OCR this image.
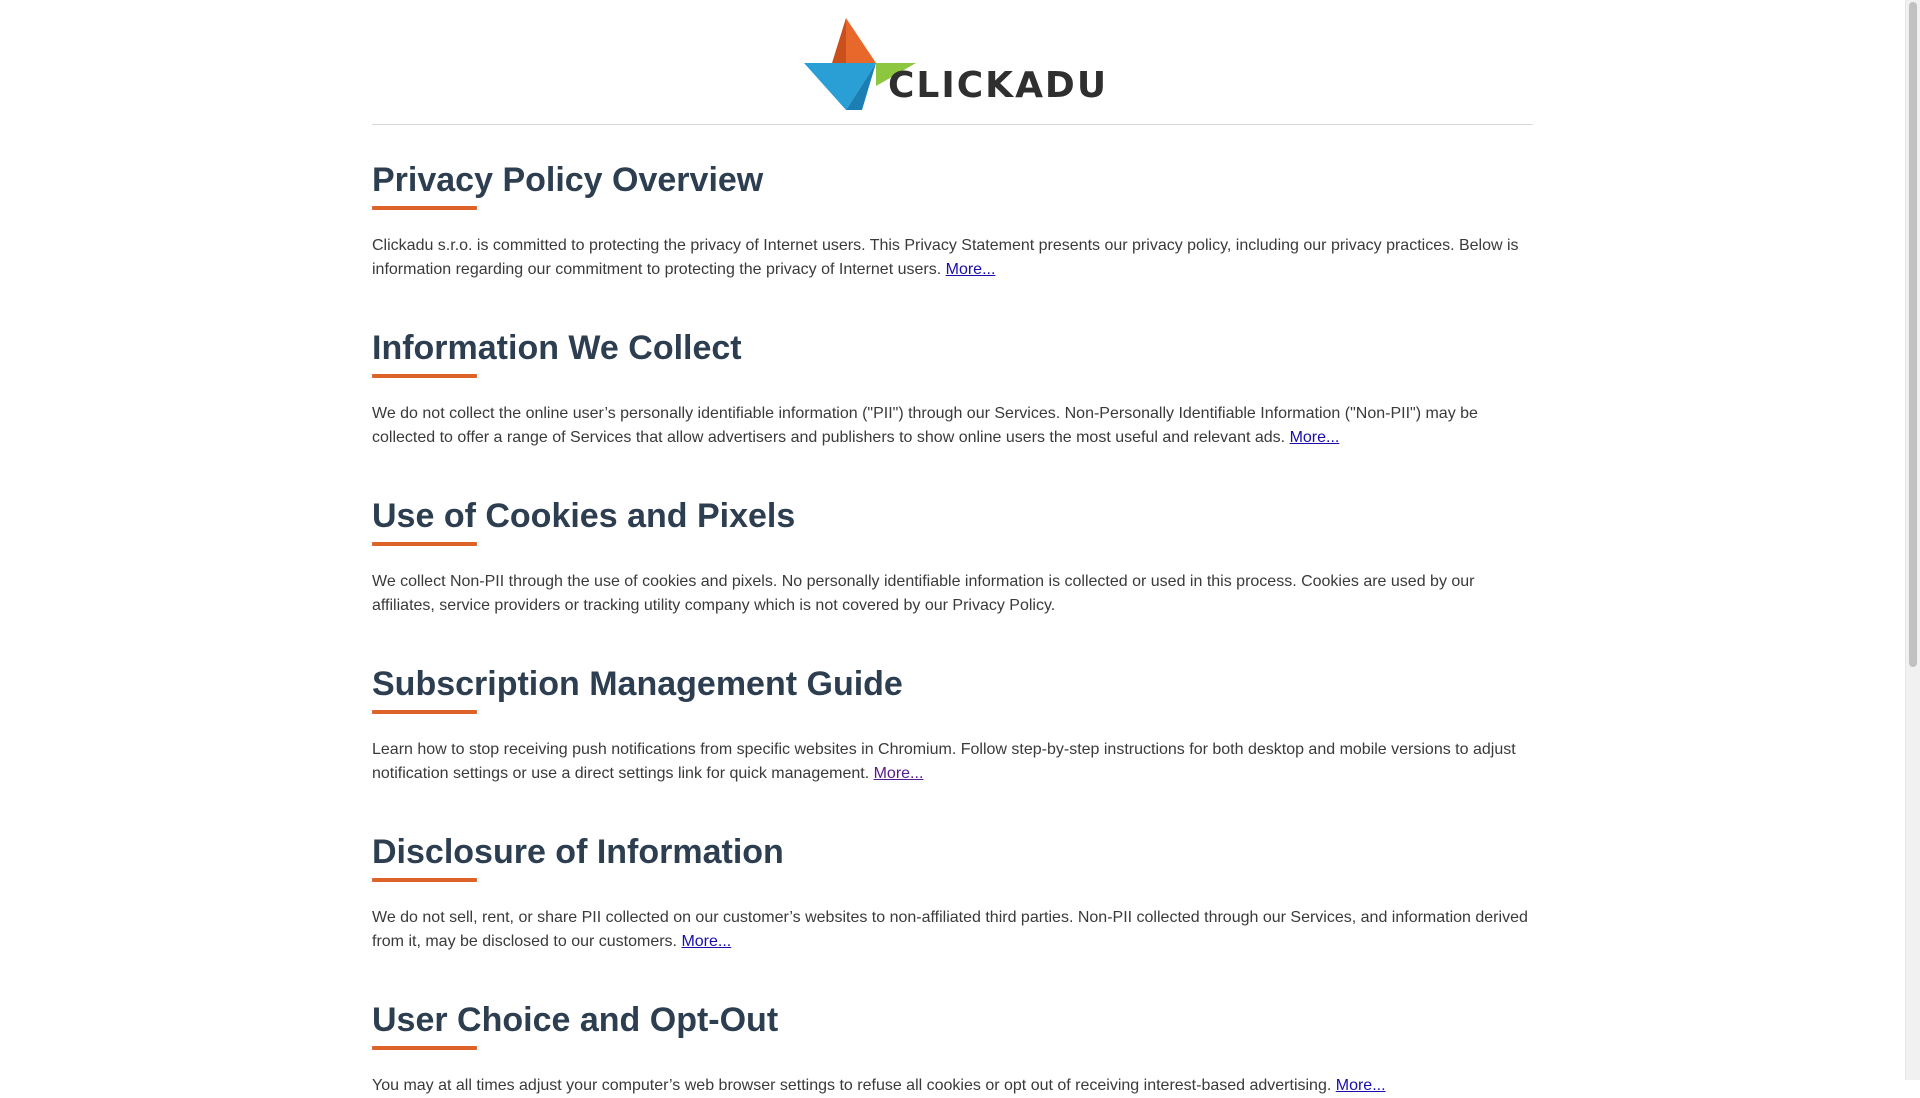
CLICKADU
Privacy Policy Overview

Clickadu s.r.o. is committed to protecting the privacy of Internet users. This Privacy Statement presents our privacy policy, including our privacy practices. Below is information regarding our commitment to protecting the privacy of Internet users. More...

Information We Collect

We do not collect the online user’s personally identifiable information ("PII") through our Services. Non-Personally Identifiable Information ("Non-PII") may be collected to offer a range of Services that allow advertisers and publishers to show online users the most useful and relevant ads. More...

Use of Cookies and Pixels

We collect Non-PII through the use of cookies and pixels. No personally identifiable information is collected or used in this process. Cookies are used by our affiliates, service providers or tracking utility company which is not covered by our Privacy Policy.

Subscription Management Guide

Learn how to stop receiving push notifications from specific websites in Chromium. Follow step-by-step instructions for both desktop and mobile versions to adjust notification settings or use a direct settings link for quick management. More...

Disclosure of Information

We do not sell, rent, or share PII collected on our customer’s websites to non-affiliated third parties. Non-PII collected through our Services, and information derived from it, may be disclosed to our customers. More...

User Choice and Opt-Out

You may at all times adjust your computer’s web browser settings to refuse all cookies or opt out of receiving interest-based advertising. More...
